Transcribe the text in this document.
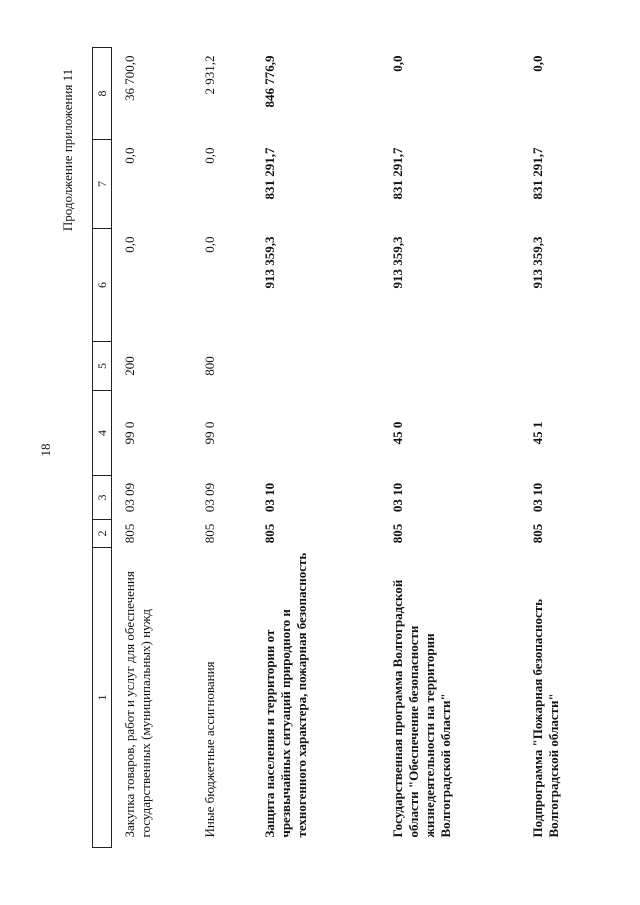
18
Продолжение приложения 11
1	2	3	4	5	6	7	8
Закупка товаров, работ и услуг для обеспечения государственных (муниципальных) нужд	805	03 09	99 0	200	0,0	0,0	36 700,0
Иные бюджетные ассигнования	805	03 09	99 0	800	0,0	0,0	2 931,2
Защита населения и территории от чрезвычайных ситуаций природного и техногенного характера, пожарная безопасность	805	03 10			913 359,3	831 291,7	846 776,9
Государственная программа Волгоградской области "Обеспечение безопасности жизнедеятельности на территории Волгоградской области"	805	03 10	45 0		913 359,3	831 291,7	0,0
Подпрограмма "Пожарная безопасность Волгоградской области"	805	03 10	45 1		913 359,3	831 291,7	0,0
